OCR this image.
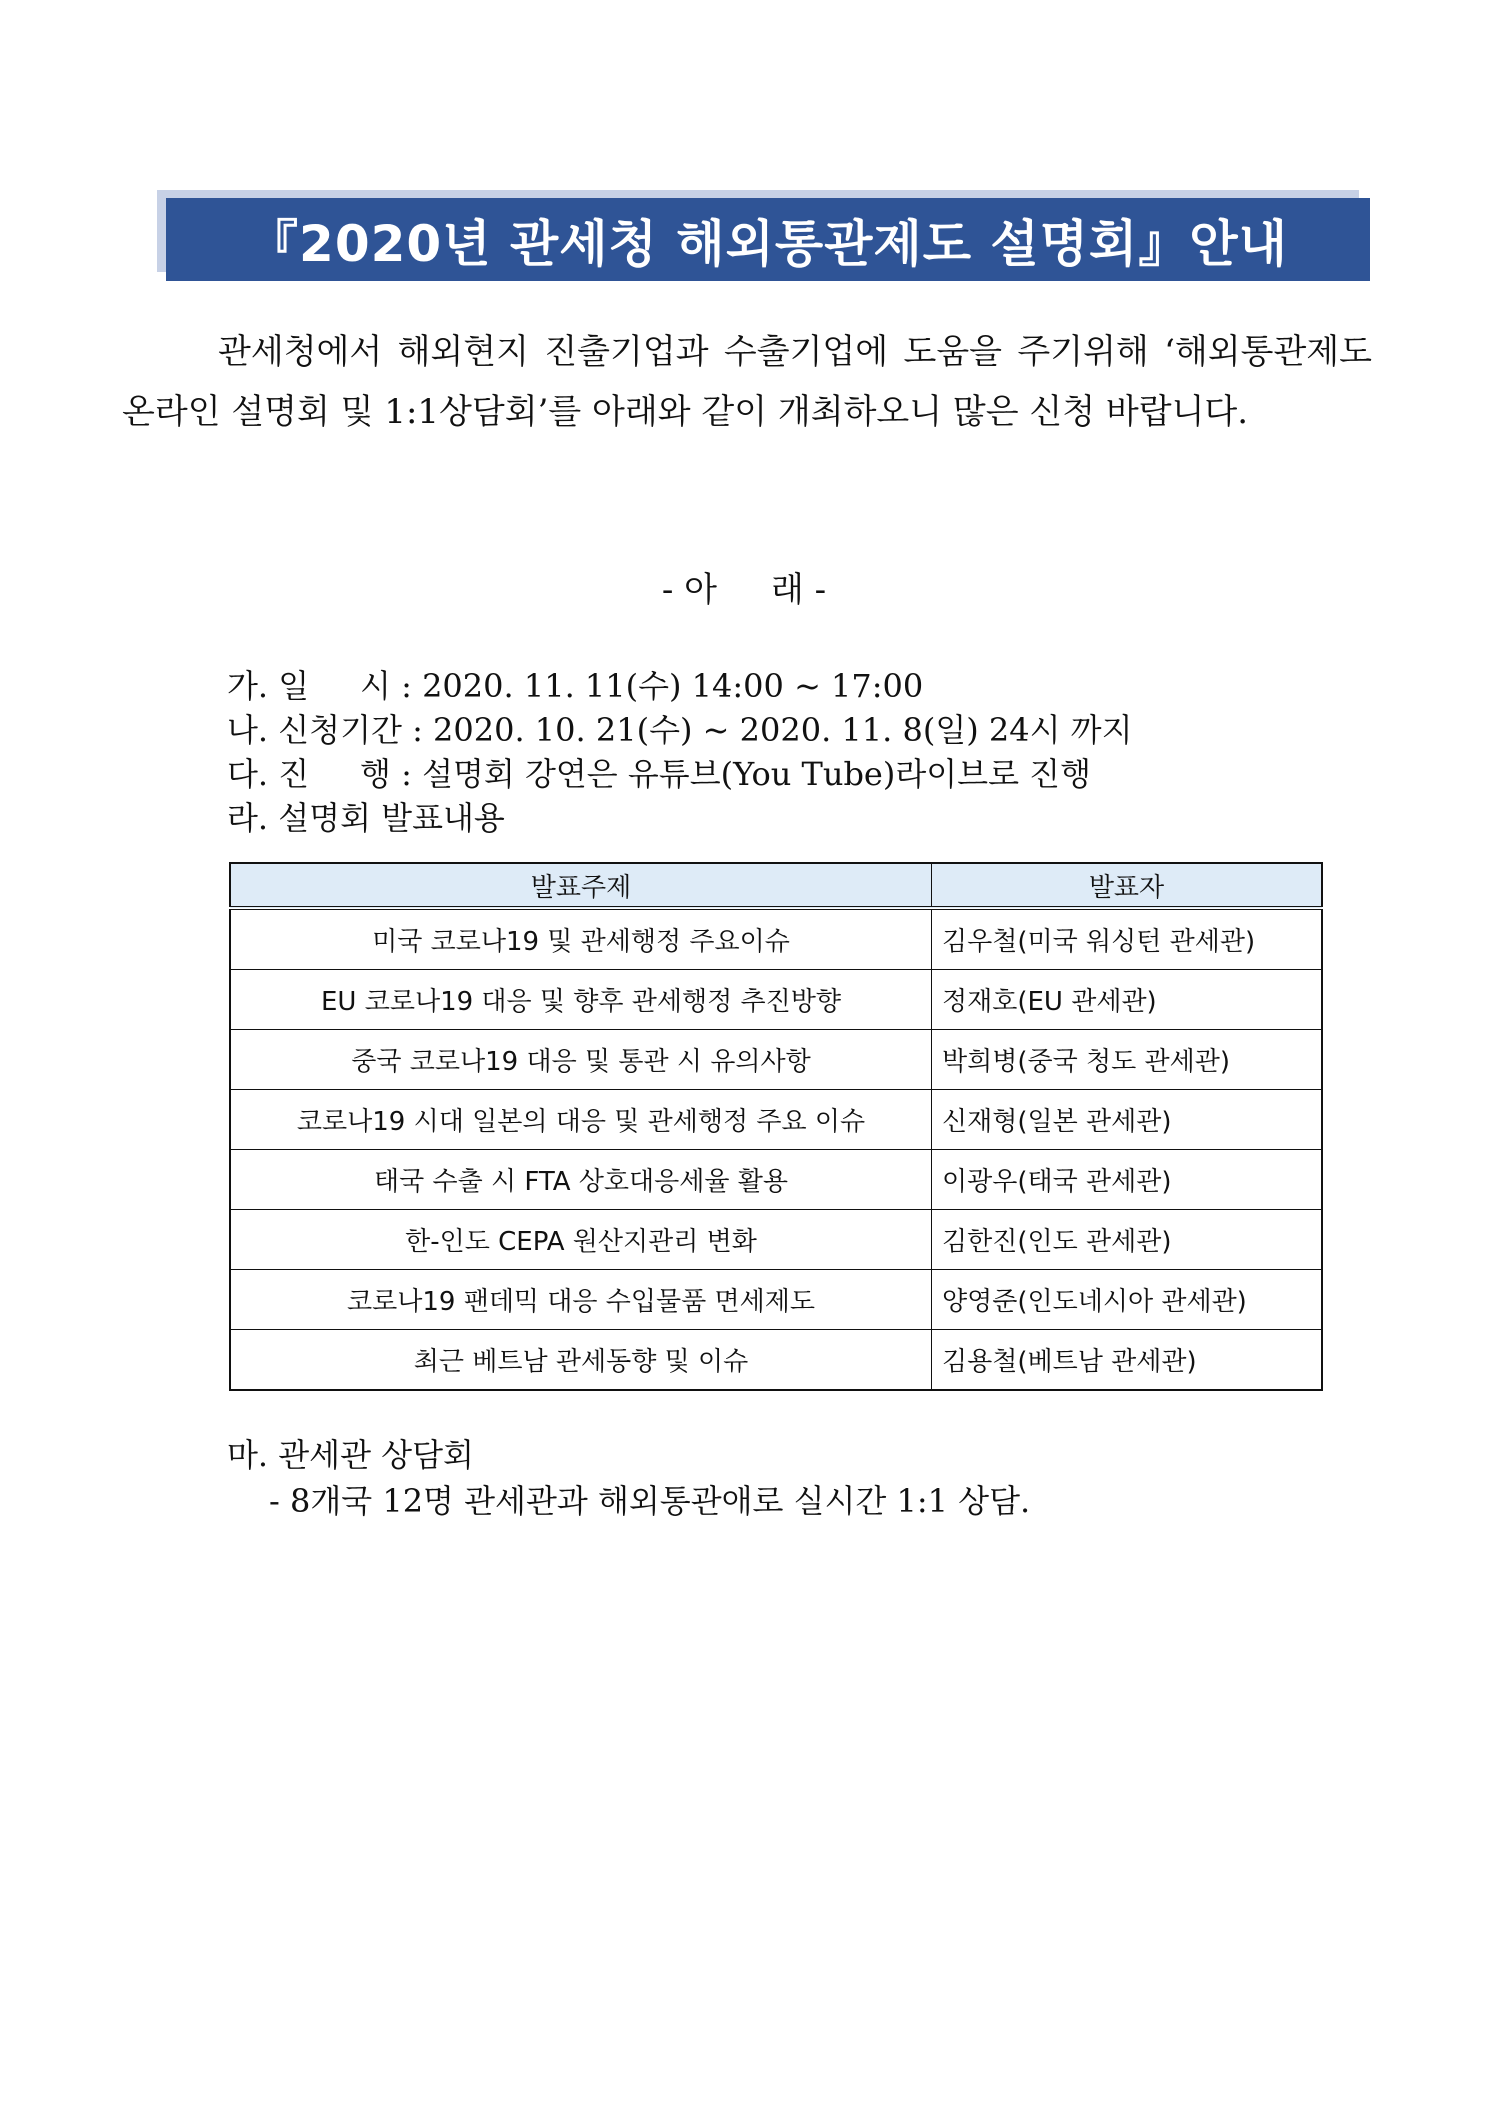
『2020년 관세청 해외통관제도 설명회』안내
관세청에서 해외현지 진출기업과 수출기업에 도움을 주기위해 ‘해외통관제도 온라인 설명회 및 1:1상담회’를 아래와 같이 개최하오니 많은 신청 바랍니다.
- 아     래 -
가. 일     시 : 2020. 11. 11(수) 14:00 ~ 17:00
나. 신청기간 : 2020. 10. 21(수) ~ 2020. 11. 8(일) 24시 까지
다. 진     행 : 설명회 강연은 유튜브(You Tube)라이브로 진행
라. 설명회 발표내용
발표주제	발표자
미국 코로나19 및 관세행정 주요이슈	김우철(미국 워싱턴 관세관)
EU 코로나19 대응 및 향후 관세행정 추진방향	정재호(EU 관세관)
중국 코로나19 대응 및 통관 시 유의사항	박희병(중국 청도 관세관)
코로나19 시대 일본의 대응 및 관세행정 주요 이슈	신재형(일본 관세관)
태국 수출 시 FTA 상호대응세율 활용	이광우(태국 관세관)
한-인도 CEPA 원산지관리 변화	김한진(인도 관세관)
코로나19 팬데믹 대응 수입물품 면세제도	양영준(인도네시아 관세관)
최근 베트남 관세동향 및 이슈	김용철(베트남 관세관)
마. 관세관 상담회
- 8개국 12명 관세관과 해외통관애로 실시간 1:1 상담.
